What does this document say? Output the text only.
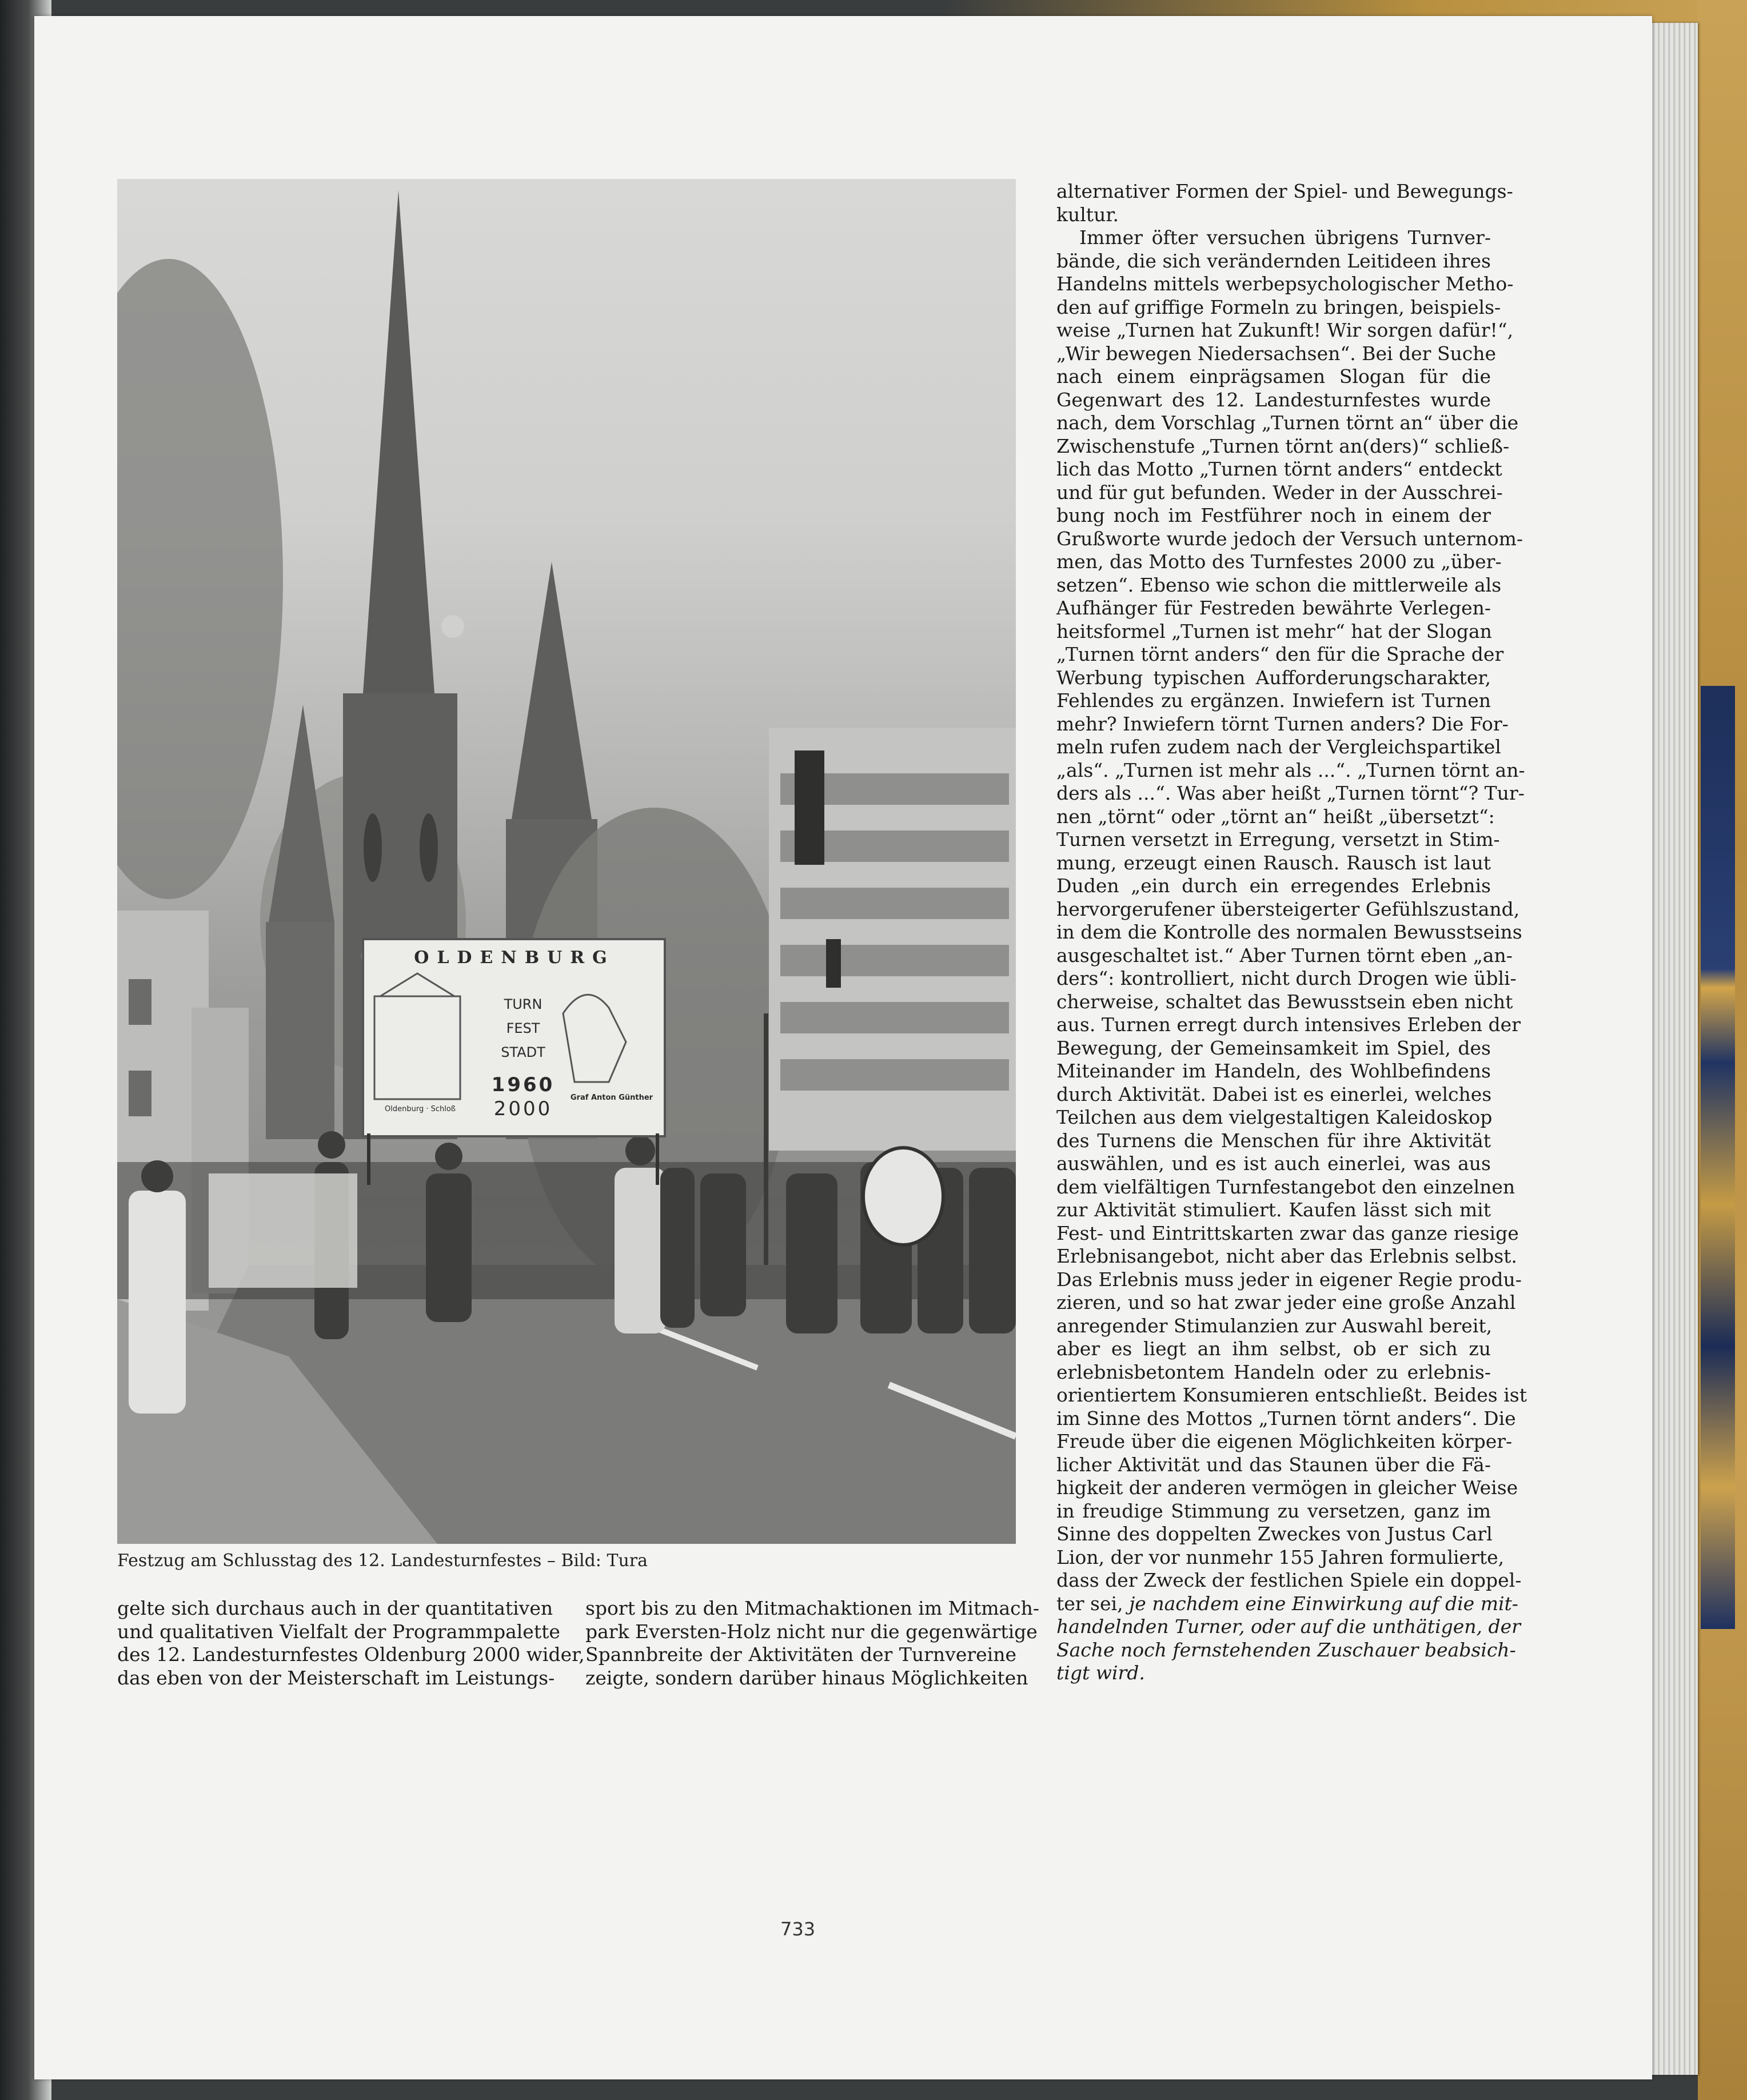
OLDENBURG
TURN
FEST
STADT
1960
2000
Oldenburg · Schloß
Graf Anton Günther
Festzug am Schlusstag des 12. Landesturnfestes – Bild: Tura
gelte sich durchaus auch in der quantitativen
und qualitativen Vielfalt der Programmpalette
des 12. Landesturnfestes Oldenburg 2000 wider,
das eben von der Meisterschaft im Leistungs-
sport bis zu den Mitmachaktionen im Mitmach-
park Eversten-Holz nicht nur die gegenwärtige
Spannbreite der Aktivitäten der Turnvereine
zeigte, sondern darüber hinaus Möglichkeiten
alternativer Formen der Spiel- und Bewegungs-
kultur.
Immer öfter versuchen übrigens Turnver-
bände, die sich verändernden Leitideen ihres
Handelns mittels werbepsychologischer Metho-
den auf griffige Formeln zu bringen, beispiels-
weise „Turnen hat Zukunft! Wir sorgen dafür!“,
„Wir bewegen Niedersachsen“. Bei der Suche
nach einem einprägsamen Slogan für die
Gegenwart des 12. Landesturnfestes wurde
nach, dem Vorschlag „Turnen törnt an“ über die
Zwischenstufe „Turnen törnt an(ders)“ schließ-
lich das Motto „Turnen törnt anders“ entdeckt
und für gut befunden. Weder in der Ausschrei-
bung noch im Festführer noch in einem der
Grußworte wurde jedoch der Versuch unternom-
men, das Motto des Turnfestes 2000 zu „über-
setzen“. Ebenso wie schon die mittlerweile als
Aufhänger für Festreden bewährte Verlegen-
heitsformel „Turnen ist mehr“ hat der Slogan
„Turnen törnt anders“ den für die Sprache der
Werbung typischen Aufforderungscharakter,
Fehlendes zu ergänzen. Inwiefern ist Turnen
mehr? Inwiefern törnt Turnen anders? Die For-
meln rufen zudem nach der Vergleichspartikel
„als“. „Turnen ist mehr als ...“. „Turnen törnt an-
ders als ...“. Was aber heißt „Turnen törnt“? Tur-
nen „törnt“ oder „törnt an“ heißt „übersetzt“:
Turnen versetzt in Erregung, versetzt in Stim-
mung, erzeugt einen Rausch. Rausch ist laut
Duden „ein durch ein erregendes Erlebnis
hervorgerufener übersteigerter Gefühlszustand,
in dem die Kontrolle des normalen Bewusstseins
ausgeschaltet ist.“ Aber Turnen törnt eben „an-
ders“: kontrolliert, nicht durch Drogen wie übli-
cherweise, schaltet das Bewusstsein eben nicht
aus. Turnen erregt durch intensives Erleben der
Bewegung, der Gemeinsamkeit im Spiel, des
Miteinander im Handeln, des Wohlbefindens
durch Aktivität. Dabei ist es einerlei, welches
Teilchen aus dem vielgestaltigen Kaleidoskop
des Turnens die Menschen für ihre Aktivität
auswählen, und es ist auch einerlei, was aus
dem vielfältigen Turnfestangebot den einzelnen
zur Aktivität stimuliert. Kaufen lässt sich mit
Fest- und Eintrittskarten zwar das ganze riesige
Erlebnisangebot, nicht aber das Erlebnis selbst.
Das Erlebnis muss jeder in eigener Regie produ-
zieren, und so hat zwar jeder eine große Anzahl
anregender Stimulanzien zur Auswahl bereit,
aber es liegt an ihm selbst, ob er sich zu
erlebnisbetontem Handeln oder zu erlebnis-
orientiertem Konsumieren entschließt. Beides ist
im Sinne des Mottos „Turnen törnt anders“. Die
Freude über die eigenen Möglichkeiten körper-
licher Aktivität und das Staunen über die Fä-
higkeit der anderen vermögen in gleicher Weise
in freudige Stimmung zu versetzen, ganz im
Sinne des doppelten Zweckes von Justus Carl
Lion, der vor nunmehr 155 Jahren formulierte,
dass der Zweck der festlichen Spiele ein doppel-
ter sei, je nachdem eine Einwirkung auf die mit-
handelnden Turner, oder auf die unthätigen, der
Sache noch fernstehenden Zuschauer beabsich-
tigt wird.
733
